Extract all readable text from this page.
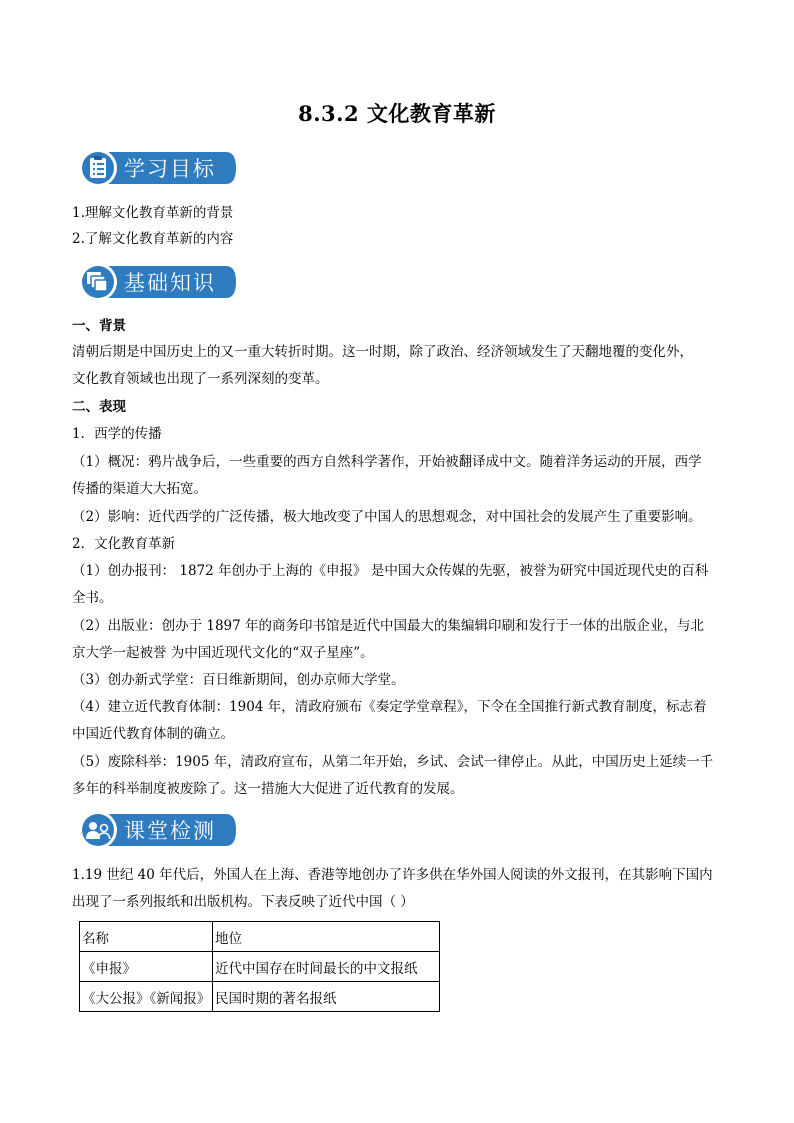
8.3.2 文化教育革新
学习目标
1.理解文化教育革新的背景
2.了解文化教育革新的内容
基础知识
一、背景
清朝后期是中国历史上的又一重大转折时期。这一时期，除了政治、经济领域发生了天翻地覆的变化外，
文化教育领域也出现了一系列深刻的变革。
二、表现
1．西学的传播
（1）概况：鸦片战争后，一些重要的西方自然科学著作，开始被翻译成中文。随着洋务运动的开展，西学
传播的渠道大大拓宽。
（2）影响：近代西学的广泛传播，极大地改变了中国人的思想观念，对中国社会的发展产生了重要影响。
2．文化教育革新
（1）创办报刊： 1872 年创办于上海的《申报》 是中国大众传媒的先驱，被誉为研究中国近现代史的百科
全书。
（2）出版业：创办于 1897 年的商务印书馆是近代中国最大的集编辑印刷和发行于一体的出版企业，与北
京大学一起被誉 为中国近现代文化的“双子星座”。
（3）创办新式学堂：百日维新期间，创办京师大学堂。
（4）建立近代教育体制：1904 年，清政府颁布《奏定学堂章程》，下令在全国推行新式教育制度，标志着
中国近代教育体制的确立。
（5）废除科举：1905 年，清政府宣布，从第二年开始，乡试、会试一律停止。从此，中国历史上延续一千
多年的科举制度被废除了。这一措施大大促进了近代教育的发展。
课堂检测
1.19 世纪 40 年代后，外国人在上海、香港等地创办了许多供在华外国人阅读的外文报刊，在其影响下国内
出现了一系列报纸和出版机构。下表反映了近代中国（ ）
名称	地位
《申报》	近代中国存在时间最长的中文报纸
《大公报》《新闻报》	民国时期的著名报纸
